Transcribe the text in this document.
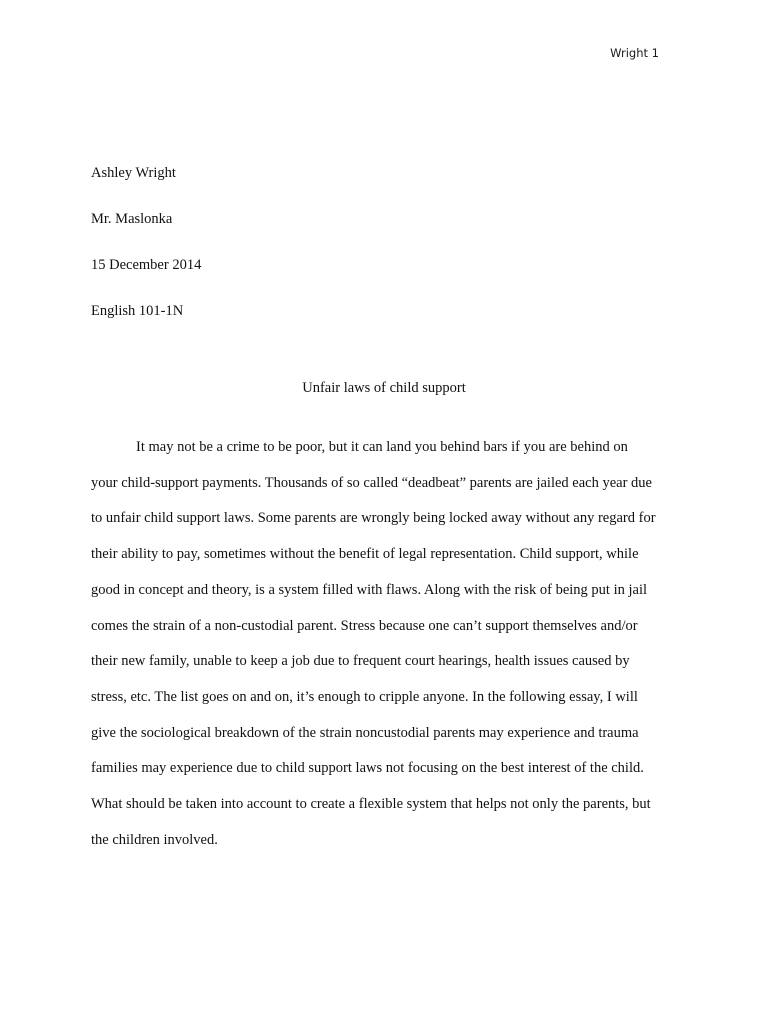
Wright 1
Ashley Wright
Mr. Maslonka
15 December 2014
English 101-1N
Unfair laws of child support
It may not be a crime to be poor, but it can land you behind bars if you are behind on
your child-support payments. Thousands of so called “deadbeat” parents are jailed each year due
to unfair child support laws. Some parents are wrongly being locked away without any regard for
their ability to pay, sometimes without the benefit of legal representation. Child support, while
good in concept and theory, is a system filled with flaws. Along with the risk of being put in jail
comes the strain of a non-custodial parent. Stress because one can’t support themselves and/or
their new family, unable to keep a job due to frequent court hearings, health issues caused by
stress, etc. The list goes on and on, it’s enough to cripple anyone. In the following essay, I will
give the sociological breakdown of the strain noncustodial parents may experience and trauma
families may experience due to child support laws not focusing on the best interest of the child.
What should be taken into account to create a flexible system that helps not only the parents, but
the children involved.
